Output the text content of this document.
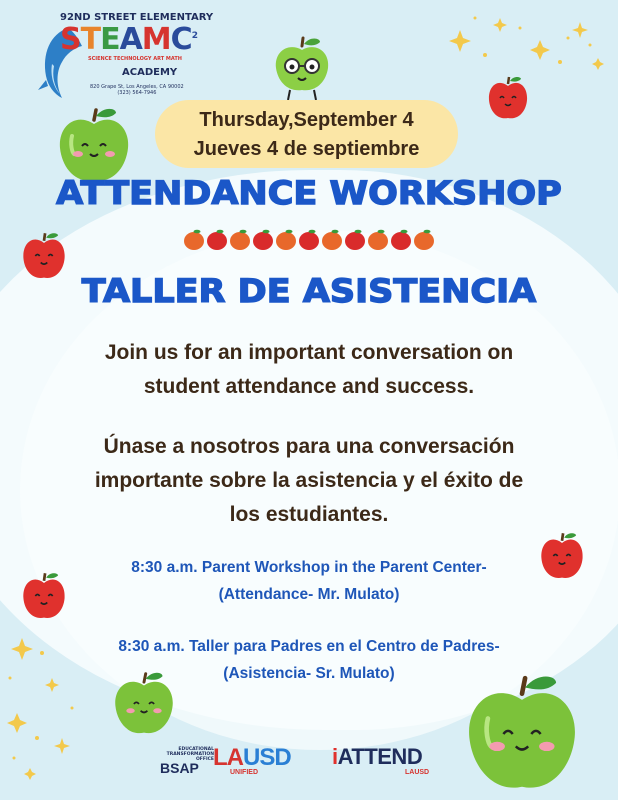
92ND STREET ELEMENTARY
STEAMC$^2$
SCIENCE TECHNOLOGY ART MATH
ACADEMY
820 Grape St, Los Angeles, CA 90002
(323) 564-7946
Thursday,September 4
Jueves 4 de septiembre
ATTENDANCE WORKSHOP
TALLER DE ASISTENCIA
Join us for an important conversation on
student attendance and success.
Únase a nosotros para una conversación
importante sobre la asistencia y el éxito de
los estudiantes.
8:30 a.m. Parent Workshop in the Parent Center-
(Attendance- Mr. Mulato)
8:30 a.m. Taller para Padres en el Centro de Padres-
(Asistencia- Sr. Mulato)
EDUCATIONAL TRANSFORMATION OFFICE
BSAP LAUSD
UNIFIED
iATTEND
LAUSD
